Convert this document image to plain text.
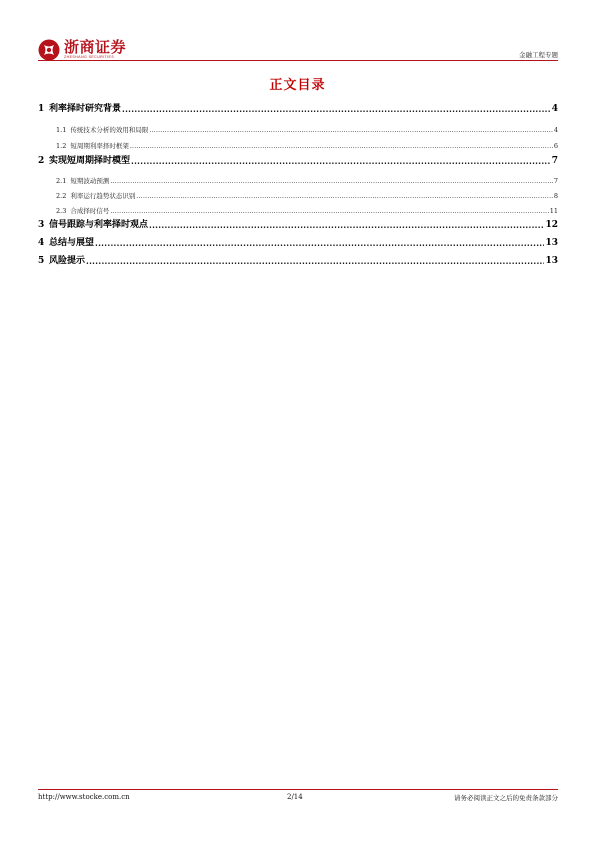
浙商证券
ZHESHANG SECURITIES	金融工程专题
正文目录
1 利率择时研究背景 .....	4
1.1 传统技术分析的效用和局限 .....	4
1.2 短周期利率择时框架 .....	6
2 实现短周期择时模型 .....	7
2.1 短期波动预测 .....	7
2.2 利率运行趋势状态识别 .....	8
2.3 合成择时信号 .....	11
3 信号跟踪与利率择时观点 .....	12
4 总结与展望 .....	13
5 风险提示 .....	13
http://www.stocke.com.cn	2/14	请务必阅读正文之后的免责条款部分
